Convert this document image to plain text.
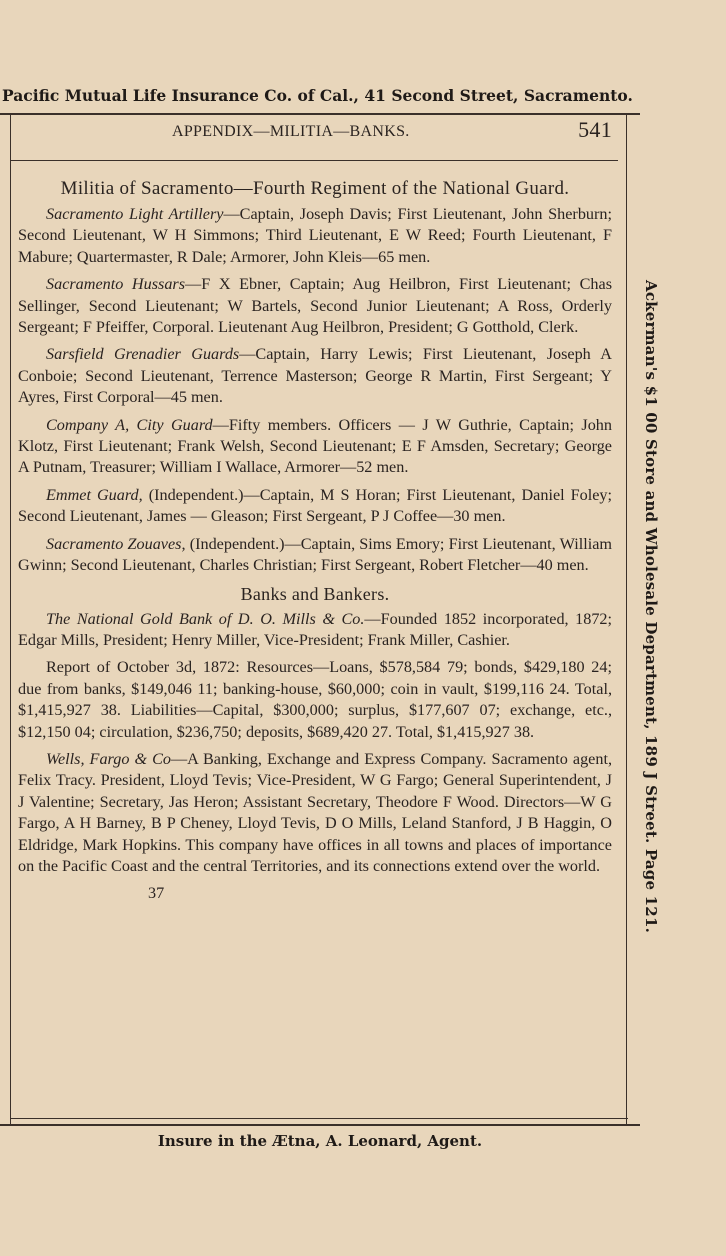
Pacific Mutual Life Insurance Co. of Cal., 41 Second Street, Sacramento.
APPENDIX—MILITIA—BANKS.	541
Militia of Sacramento—Fourth Regiment of the National Guard.

Sacramento Light Artillery—Captain, Joseph Davis; First Lieutenant, John Sherburn; Second Lieutenant, W H Simmons; Third Lieutenant, E W Reed; Fourth Lieutenant, F Mabure; Quartermaster, R Dale; Armorer, John Kleis—65 men.

Sacramento Hussars—F X Ebner, Captain; Aug Heilbron, First Lieutenant; Chas Sellinger, Second Lieutenant; W Bartels, Second Junior Lieutenant; A Ross, Orderly Sergeant; F Pfeiffer, Corporal. Lieutenant Aug Heilbron, President; G Gotthold, Clerk.

Sarsfield Grenadier Guards—Captain, Harry Lewis; First Lieutenant, Joseph A Conboie; Second Lieutenant, Terrence Masterson; George R Martin, First Sergeant; Y Ayres, First Corporal—45 men.

Company A, City Guard—Fifty members. Officers — J W Guthrie, Captain; John Klotz, First Lieutenant; Frank Welsh, Second Lieutenant; E F Amsden, Secretary; George A Putnam, Treasurer; William I Wallace, Armorer—52 men.

Emmet Guard, (Independent.)—Captain, M S Horan; First Lieutenant, Daniel Foley; Second Lieutenant, James — Gleason; First Sergeant, P J Coffee—30 men.

Sacramento Zouaves, (Independent.)—Captain, Sims Emory; First Lieutenant, William Gwinn; Second Lieutenant, Charles Christian; First Sergeant, Robert Fletcher—40 men.

Banks and Bankers.

The National Gold Bank of D. O. Mills & Co.—Founded 1852 incorporated, 1872; Edgar Mills, President; Henry Miller, Vice-President; Frank Miller, Cashier.

Report of October 3d, 1872: Resources—Loans, $578,584 79; bonds, $429,180 24; due from banks, $149,046 11; banking-house, $60,000; coin in vault, $199,116 24. Total, $1,415,927 38. Liabilities—Capital, $300,000; surplus, $177,607 07; exchange, etc., $12,150 04; circulation, $236,750; deposits, $689,420 27. Total, $1,415,927 38.

Wells, Fargo & Co—A Banking, Exchange and Express Company. Sacramento agent, Felix Tracy. President, Lloyd Tevis; Vice-President, W G Fargo; General Superintendent, J J Valentine; Secretary, Jas Heron; Assistant Secretary, Theodore F Wood. Directors—W G Fargo, A H Barney, B P Cheney, Lloyd Tevis, D O Mills, Leland Stanford, J B Haggin, O Eldridge, Mark Hopkins. This company have offices in all towns and places of importance on the Pacific Coast and the central Territories, and its connections extend over the world.

37

Insure in the Ætna, A. Leonard, Agent.
Ackerman's $1 00 Store and Wholesale Department, 189 J Street. Page 121.
